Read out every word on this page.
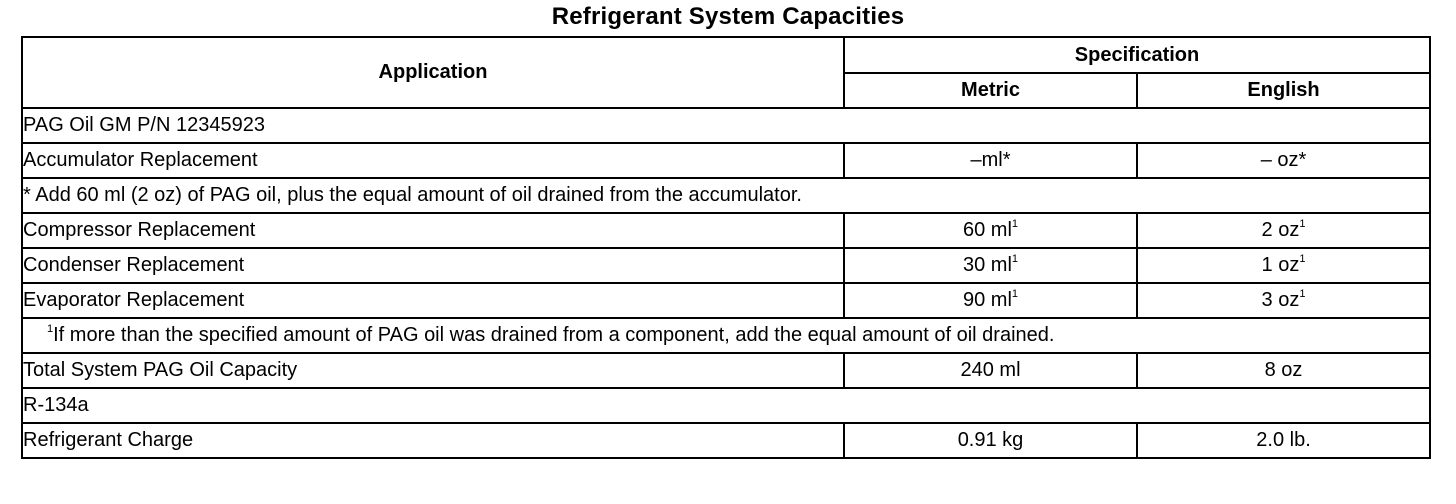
Refrigerant System Capacities
Application	Specification	
	Metric	English
PAG Oil GM P/N 12345923		
Accumulator Replacement	–ml*	– oz*
* Add 60 ml (2 oz) of PAG oil, plus the equal amount of oil drained from the accumulator.		
Compressor Replacement	60 $ml^1$	2 $oz^1$
Condenser Replacement	30 $ml^1$	1 $oz^1$
Evaporator Replacement	90 $ml^1$	3 $oz^1$
$^1$If more than the specified amount of PAG oil was drained from a component, add the equal amount of oil drained.		
Total System PAG Oil Capacity	240 ml	8 oz
R-134a		
Refrigerant Charge	0.91 kg	2.0 lb.
